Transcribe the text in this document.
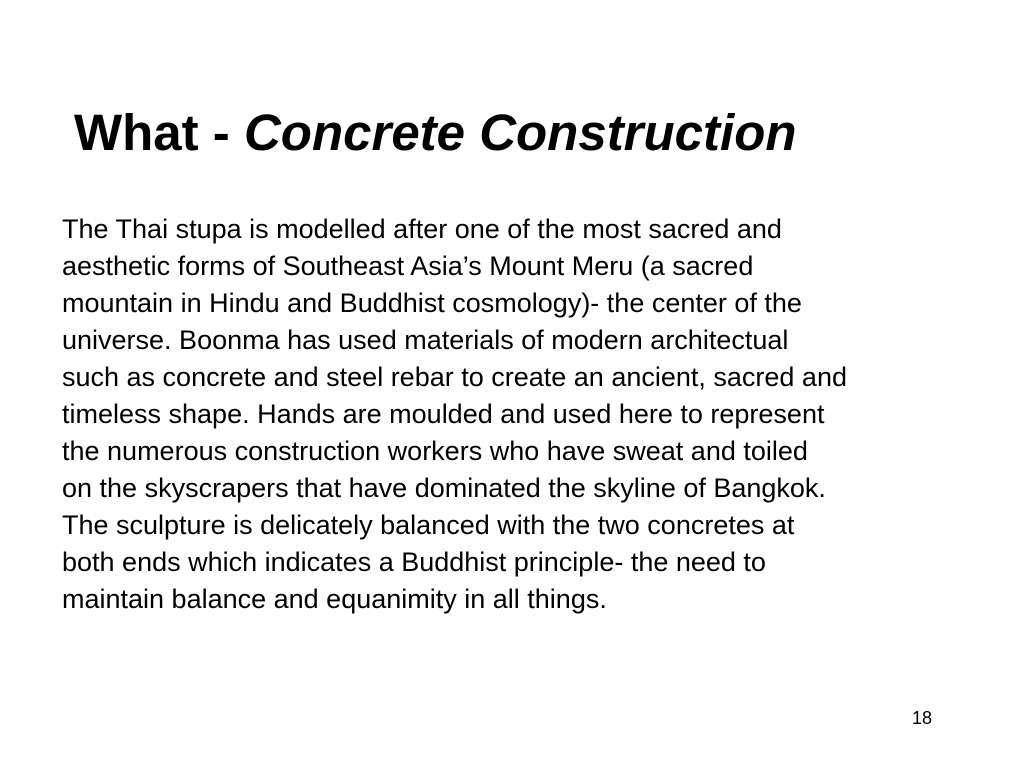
What - Concrete Construction

The Thai stupa is modelled after one of the most sacred and
aesthetic forms of Southeast Asia’s Mount Meru (a sacred
mountain in Hindu and Buddhist cosmology)- the center of the
universe. Boonma has used materials of modern architectual
such as concrete and steel rebar to create an ancient, sacred and
timeless shape. Hands are moulded and used here to represent
the numerous construction workers who have sweat and toiled
on the skyscrapers that have dominated the skyline of Bangkok.
The sculpture is delicately balanced with the two concretes at
both ends which indicates a Buddhist principle- the need to
maintain balance and equanimity in all things.

18
